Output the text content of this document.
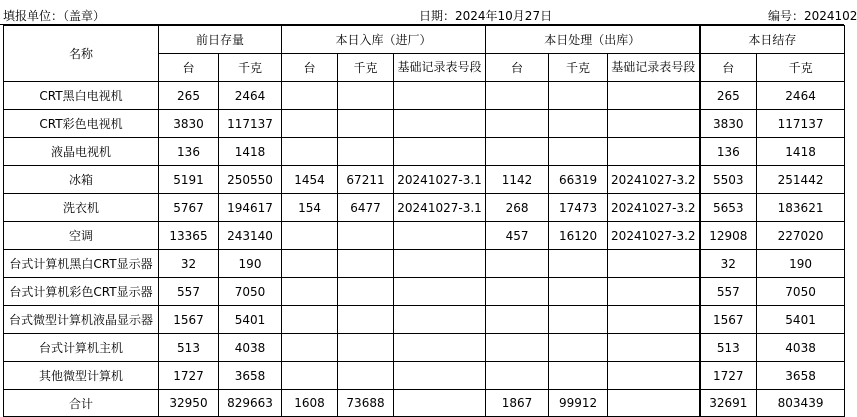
填报单位：（盖章）	日期：2024年10月27日	编号：2024102
名称	前日存量		本日入库（进厂）			本日处理（出库）			本日结存	
	台	千克	台	千克	基础记录表号段	台	千克	基础记录表号段	台	千克
CRT黑白电视机	265	2464							265	2464
CRT彩色电视机	3830	117137							3830	117137
液晶电视机	136	1418							136	1418
冰箱	5191	250550	1454	67211	20241027-3.1	1142	66319	20241027-3.2	5503	251442
洗衣机	5767	194617	154	6477	20241027-3.1	268	17473	20241027-3.2	5653	183621
空调	13365	243140				457	16120	20241027-3.2	12908	227020
台式计算机黑白CRT显示器	32	190							32	190
台式计算机彩色CRT显示器	557	7050							557	7050
台式微型计算机液晶显示器	1567	5401							1567	5401
台式计算机主机	513	4038							513	4038
其他微型计算机	1727	3658							1727	3658
合计	32950	829663	1608	73688		1867	99912		32691	803439
